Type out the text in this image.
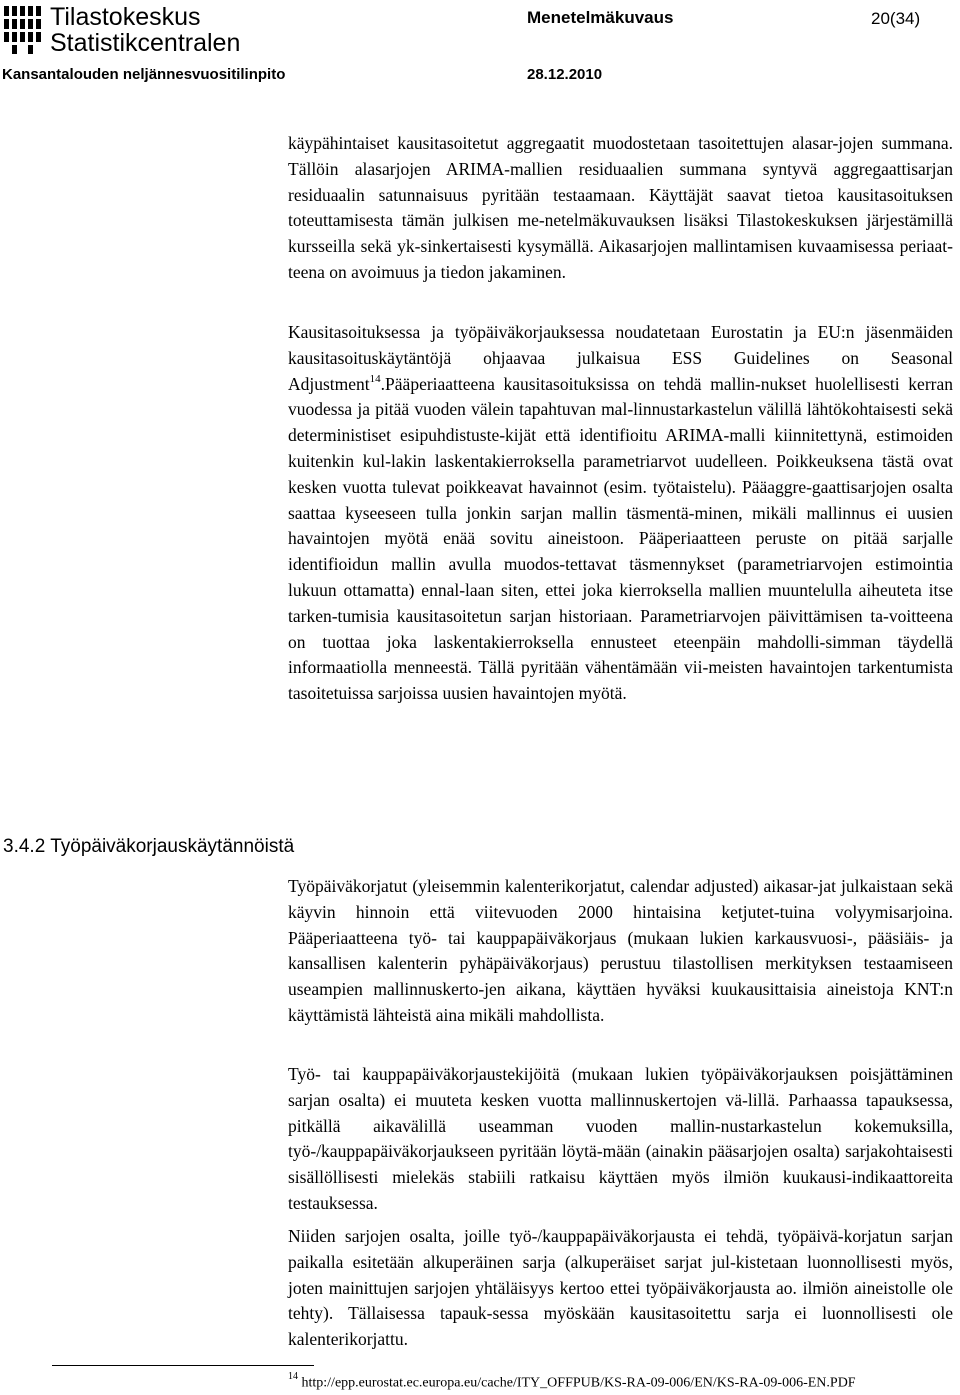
Tilastokeskus
Statistikcentralen
Menetelmäkuvaus	20(34)
Kansantalouden neljännesvuositilinpito	28.12.2010

käypähintaiset kausitasoitetut aggregaatit muodostetaan tasoitettujen alasar-jojen summana. Tällöin alasarjojen ARIMA-mallien residuaalien summana syntyvä aggregaattisarjan residuaalin satunnaisuus pyritään testaamaan. Käyttäjät saavat tietoa kausitasoituksen toteuttamisesta tämän julkisen me-netelmäkuvauksen lisäksi Tilastokeskuksen järjestämillä kursseilla sekä yk-sinkertaisesti kysymällä. Aikasarjojen mallintamisen kuvaamisessa periaat-teena on avoimuus ja tiedon jakaminen.

Kausitasoituksessa ja työpäiväkorjauksessa noudatetaan Eurostatin ja EU:n jäsenmäiden kausitasoituskäytäntöjä ohjaavaa julkaisua ESS Guidelines on Seasonal Adjustment$^{14}$.Pääperiaatteena kausitasoituksissa on tehdä mallin-nukset huolellisesti kerran vuodessa ja pitää vuoden välein tapahtuvan mal-linnustarkastelun välillä lähtökohtaisesti sekä deterministiset esipuhdistuste-kijät että identifioitu ARIMA-malli kiinnitettynä, estimoiden kuitenkin kul-lakin laskentakierroksella parametriarvot uudelleen. Poikkeuksena tästä ovat kesken vuotta tulevat poikkeavat havainnot (esim. työtaistelu). Pääaggre-gaattisarjojen osalta saattaa kyseeseen tulla jonkin sarjan mallin täsmentä-minen, mikäli mallinnus ei uusien havaintojen myötä enää sovitu aineistoon. Pääperiaatteen peruste on pitää sarjalle identifioidun mallin avulla muodos-tettavat täsmennykset (parametriarvojen estimointia lukuun ottamatta) ennal-laan siten, ettei joka kierroksella mallien muuntelulla aiheuteta itse tarken-tumisia kausitasoitetun sarjan historiaan. Parametriarvojen päivittämisen ta-voitteena on tuottaa joka laskentakierroksella ennusteet eteenpäin mahdolli-simman täydellä informaatiolla menneestä. Tällä pyritään vähentämään vii-meisten havaintojen tarkentumista tasoitetuissa sarjoissa uusien havaintojen myötä.

3.4.2 Työpäiväkorjauskäytännöistä

Työpäiväkorjatut (yleisemmin kalenterikorjatut, calendar adjusted) aikasar-jat julkaistaan sekä käyvin hinnoin että viitevuoden 2000 hintaisina ketjutet-tuina volyymisarjoina. Pääperiaatteena työ- tai kauppapäiväkorjaus (mukaan lukien karkausvuosi-, pääsiäis- ja kansallisen kalenterin pyhäpäiväkorjaus) perustuu tilastollisen merkityksen testaamiseen useampien mallinnuskerto-jen aikana, käyttäen hyväksi kuukausittaisia aineistoja KNT:n käyttämistä lähteistä aina mikäli mahdollista.

Työ- tai kauppapäiväkorjaustekijöitä (mukaan lukien työpäiväkorjauksen poisjättäminen sarjan osalta) ei muuteta kesken vuotta mallinnuskertojen vä-lillä. Parhaassa tapauksessa, pitkällä aikavälillä useamman vuoden mallin-nustarkastelun kokemuksilla, työ-/kauppapäiväkorjaukseen pyritään löytä-mään (ainakin pääsarjojen osalta) sarjakohtaisesti sisällöllisesti mielekäs stabiili ratkaisu käyttäen myös ilmiön kuukausi-indikaattoreita testauksessa.

Niiden sarjojen osalta, joille työ-/kauppapäiväkorjausta ei tehdä, työpäivä-korjatun sarjan paikalla esitetään alkuperäinen sarja (alkuperäiset sarjat jul-kistetaan luonnollisesti myös, joten mainittujen sarjojen yhtäläisyys kertoo ettei työpäiväkorjausta ao. ilmiön aineistolle ole tehty). Tällaisessa tapauk-sessa myöskään kausitasoitettu sarja ei luonnollisesti ole kalenterikorjattu.

$^{14}$ http://epp.eurostat.ec.europa.eu/cache/ITY_OFFPUB/KS-RA-09-006/EN/KS-RA-09-006-EN.PDF
